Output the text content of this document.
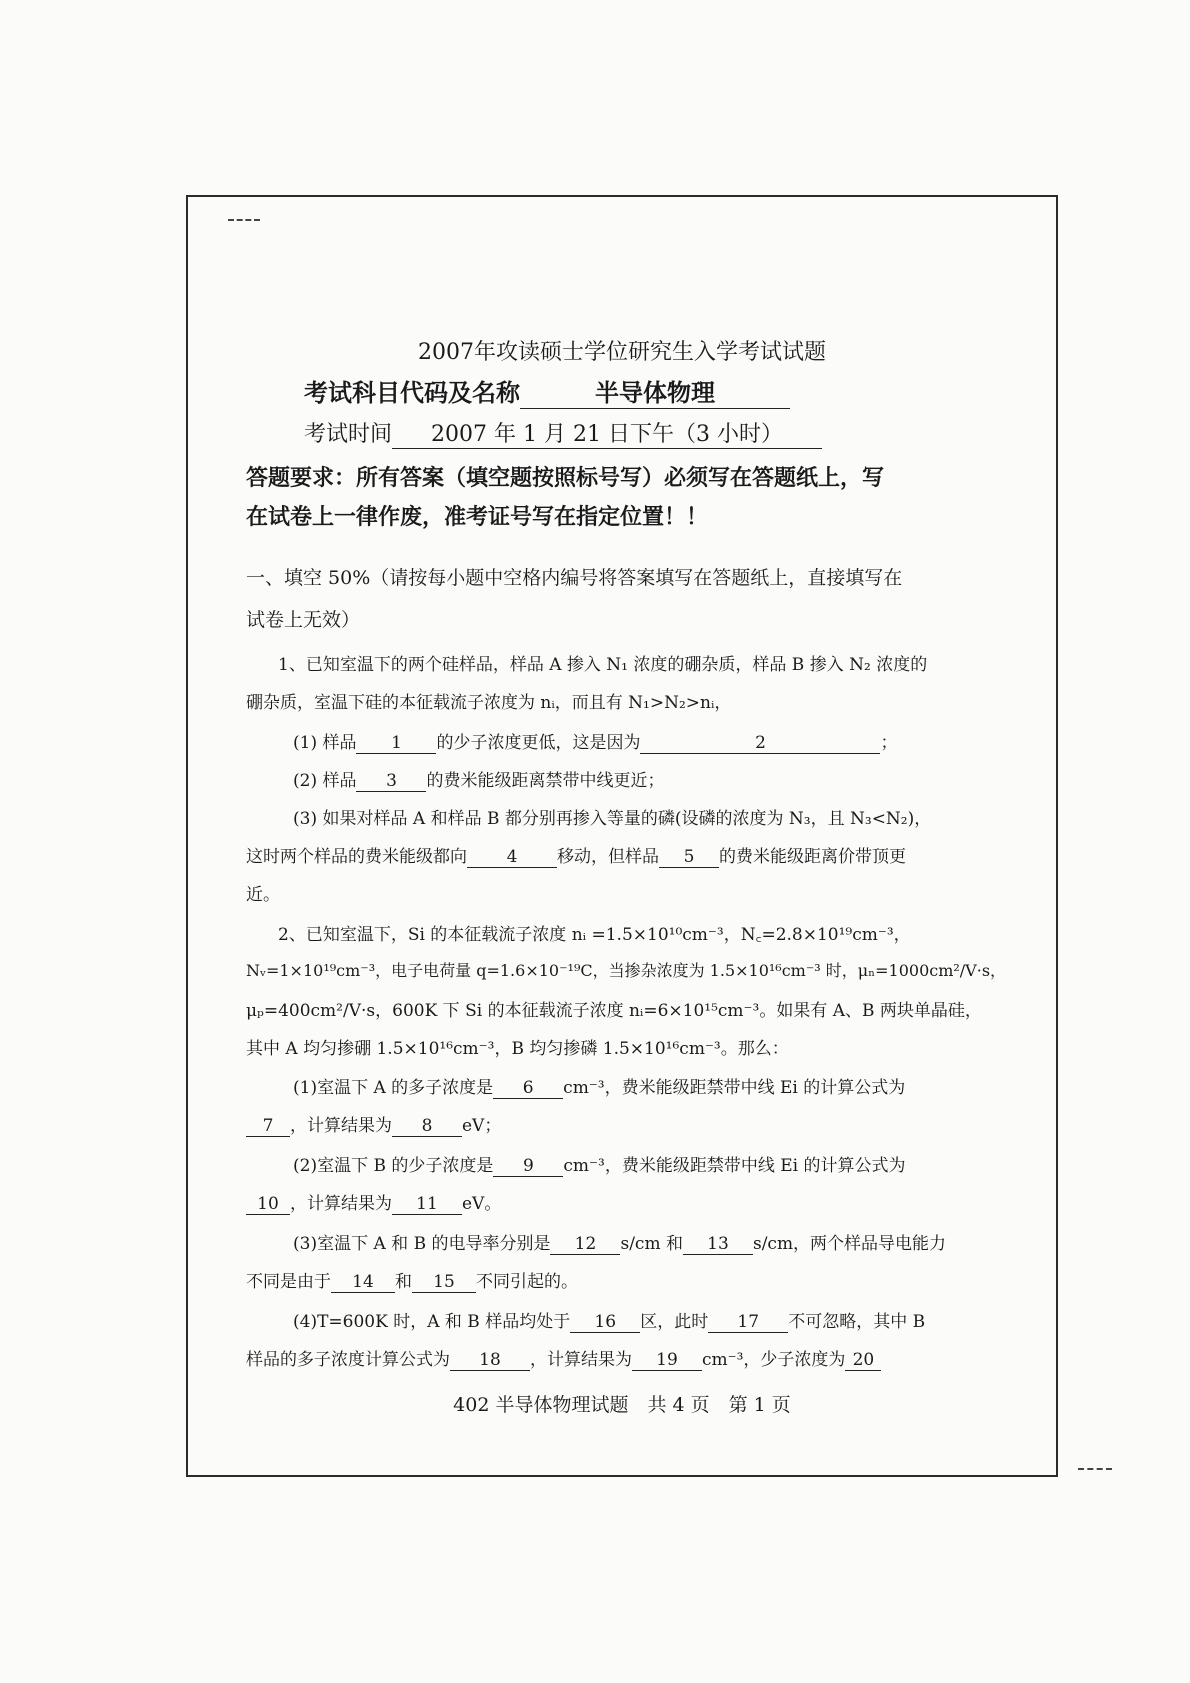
2007年攻读硕士学位研究生入学考试试题
考试科目代码及名称	半导体物理
考试时间 2007 年 1 月 21 日下午（3 小时）
答题要求：所有答案（填空题按照标号写）必须写在答题纸上，写
在试卷上一律作废，准考证号写在指定位置！！
一、填空 50%（请按每小题中空格内编号将答案填写在答题纸上，直接填写在
试卷上无效）
1、已知室温下的两个硅样品，样品 A 掺入 N₁ 浓度的硼杂质，样品 B 掺入 N₂ 浓度的
硼杂质，室温下硅的本征载流子浓度为 nᵢ，而且有 N₁>N₂>nᵢ，
(1) 样品 1 的少子浓度更低，这是因为	2	；
(2) 样品 3 的费米能级距离禁带中线更近；
(3) 如果对样品 A 和样品 B 都分别再掺入等量的磷(设磷的浓度为 N₃，且 N₃<N₂)，
这时两个样品的费米能级都向 4 移动，但样品 5 的费米能级距离价带顶更
近。
2、已知室温下，Si 的本征载流子浓度 nᵢ =1.5×10¹⁰cm⁻³，N꜀=2.8×10¹⁹cm⁻³，
Nᵥ=1×10¹⁹cm⁻³，电子电荷量 q=1.6×10⁻¹⁹C，当掺杂浓度为 1.5×10¹⁶cm⁻³ 时，μₙ=1000cm²/V·s，
μₚ=400cm²/V·s，600K 下 Si 的本征载流子浓度 nᵢ=6×10¹⁵cm⁻³。如果有 A、B 两块单晶硅，
其中 A 均匀掺硼 1.5×10¹⁶cm⁻³，B 均匀掺磷 1.5×10¹⁶cm⁻³。那么：
(1)室温下 A 的多子浓度是 6 cm⁻³，费米能级距禁带中线 Ei 的计算公式为
7 ，计算结果为 8 eV；
(2)室温下 B 的少子浓度是 9 cm⁻³，费米能级距禁带中线 Ei 的计算公式为
10 ，计算结果为 11 eV。
(3)室温下 A 和 B 的电导率分别是 12 s/cm 和 13 s/cm，两个样品导电能力
不同是由于 14 和 15 不同引起的。
(4)T=600K 时，A 和 B 样品均处于 16 区，此时 17 不可忽略，其中 B
样品的多子浓度计算公式为 18 ，计算结果为 19 cm⁻³，少子浓度为 20
402 半导体物理试题　共 4 页　第 1 页
